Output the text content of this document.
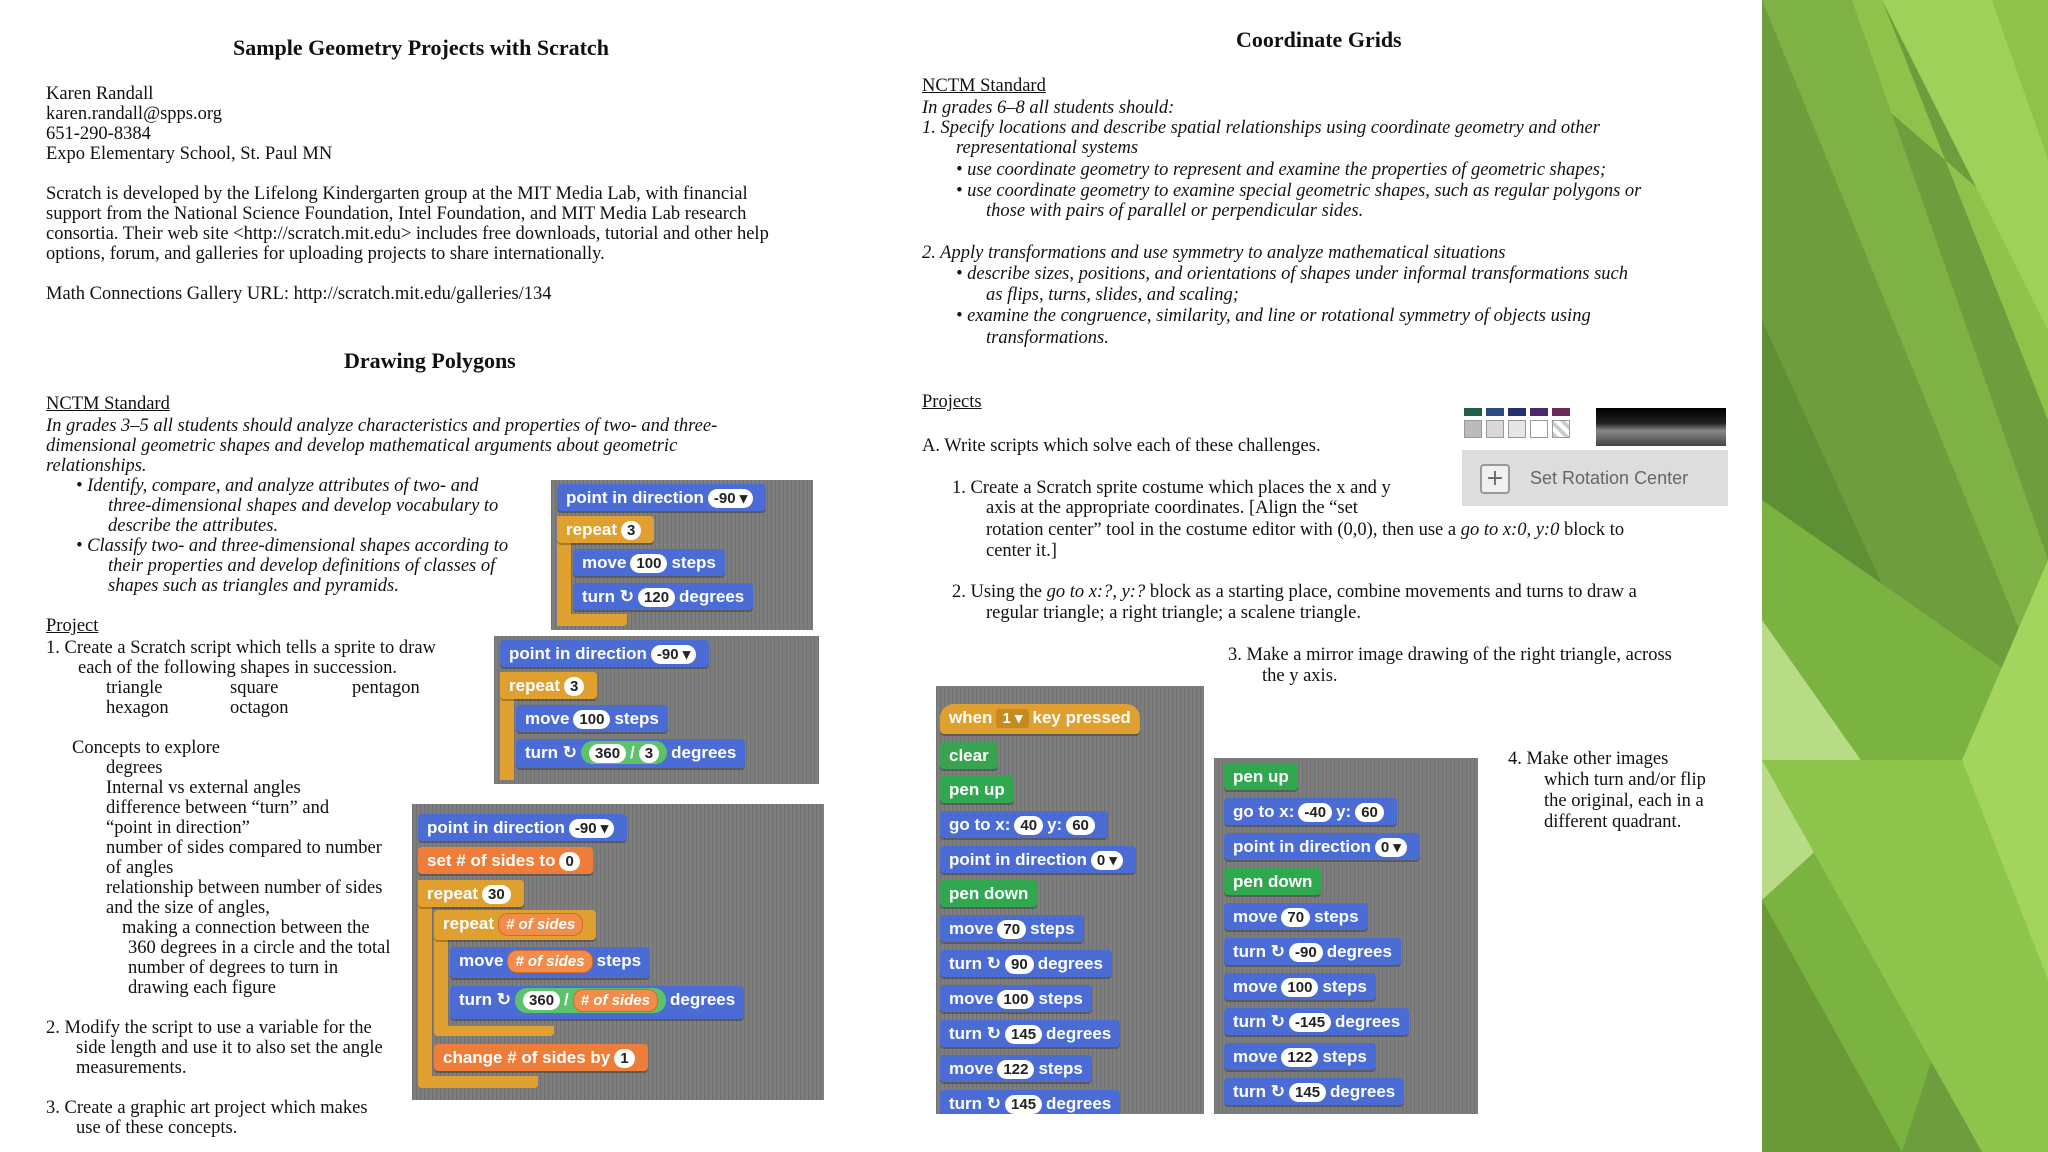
Sample Geometry Projects with Scratch
Karen Randall
karen.randall@spps.org
651-290-8384
Expo Elementary School, St. Paul MN
Scratch is developed by the Lifelong Kindergarten group at the MIT Media Lab, with financial
support from the National Science Foundation, Intel Foundation, and MIT Media Lab research
consortia. Their web site <http://scratch.mit.edu> includes free downloads, tutorial and other help
options, forum, and galleries for uploading projects to share internationally.
Math Connections Gallery URL: http://scratch.mit.edu/galleries/134
Drawing Polygons
NCTM Standard
In grades 3–5 all students should analyze characteristics and properties of two- and three-
dimensional geometric shapes and develop mathematical arguments about geometric
relationships.
• Identify, compare, and analyze attributes of two- and
three-dimensional shapes and develop vocabulary to
describe the attributes.
• Classify two- and three-dimensional shapes according to
their properties and develop definitions of classes of
shapes such as triangles and pyramids.
Project
1. Create a Scratch script which tells a sprite to draw
each of the following shapes in succession.
triangle	square	pentagon
hexagon	octagon
Concepts to explore
degrees
Internal vs external angles
difference between “turn” and
“point in direction”
number of sides compared to number
of angles
relationship between number of sides
and the size of angles,
making a connection between the
360 degrees in a circle and the total
number of degrees to turn in
drawing each figure
2. Modify the script to use a variable for the
side length and use it to also set the angle
measurements.
3. Create a graphic art project which makes
use of these concepts.
point in direction -90 ▾
repeat 3
move 100 steps
turn ↻ 120 degrees
point in direction -90 ▾
repeat 3
move 100 steps
turn ↻ 360 / 3 degrees
point in direction -90 ▾
set # of sides to 0
repeat 30
repeat # of sides
move # of sides steps
turn ↻ 360 / # of sides degrees
change # of sides by 1
Coordinate Grids
NCTM Standard
In grades 6–8 all students should:
1. Specify locations and describe spatial relationships using coordinate geometry and other
representational systems
• use coordinate geometry to represent and examine the properties of geometric shapes;
• use coordinate geometry to examine special geometric shapes, such as regular polygons or
those with pairs of parallel or perpendicular sides.
2. Apply transformations and use symmetry to analyze mathematical situations
• describe sizes, positions, and orientations of shapes under informal transformations such
as flips, turns, slides, and scaling;
• examine the congruence, similarity, and line or rotational symmetry of objects using
transformations.
Projects
A. Write scripts which solve each of these challenges.
1. Create a Scratch sprite costume which places the x and y
axis at the appropriate coordinates. [Align the “set
rotation center” tool in the costume editor with (0,0), then use a go to x:0, y:0 block to
center it.]
2. Using the go to x:?, y:? block as a starting place, combine movements and turns to draw a
regular triangle; a right triangle; a scalene triangle.
3. Make a mirror image drawing of the right triangle, across
the y axis.
4. Make other images
which turn and/or flip
the original, each in a
different quadrant.
+	Set Rotation Center
when 1 ▾ key pressed
clear
pen up
go to x: 40 y: 60
point in direction 0 ▾
pen down
move 70 steps
turn ↻ 90 degrees
move 100 steps
turn ↻ 145 degrees
move 122 steps
turn ↻ 145 degrees
pen up
go to x: -40 y: 60
point in direction 0 ▾
pen down
move 70 steps
turn ↻ -90 degrees
move 100 steps
turn ↻ -145 degrees
move 122 steps
turn ↻ 145 degrees
